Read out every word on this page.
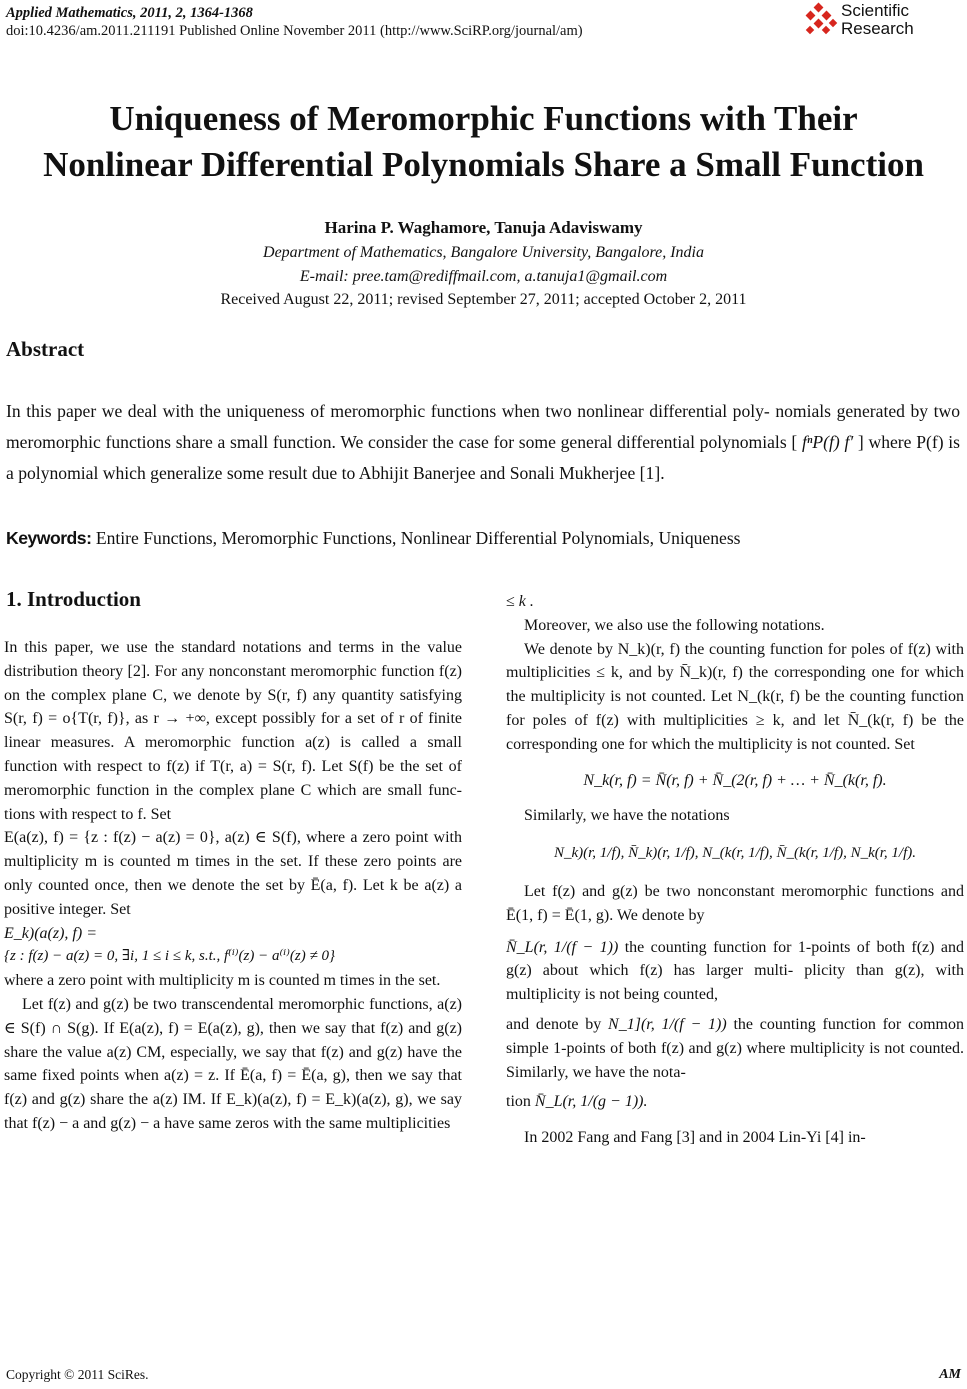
Applied Mathematics, 2011, 2, 1364-1368
doi:10.4236/am.2011.211191 Published Online November 2011 (http://www.SciRP.org/journal/am)
Scientific
Research
Uniqueness of Meromorphic Functions with Their
Nonlinear Differential Polynomials Share a Small Function
Harina P. Waghamore, Tanuja Adaviswamy
Department of Mathematics, Bangalore University, Bangalore, India
E-mail: pree.tam@rediffmail.com, a.tanuja1@gmail.com
Received August 22, 2011; revised September 27, 2011; accepted October 2, 2011
Abstract
In this paper we deal with the uniqueness of meromorphic functions when two nonlinear differential poly- nomials generated by two meromorphic functions share a small function. We consider the case for some general differential polynomials [ fⁿP(f) f′ ] where P(f) is a polynomial which generalize some result due to Abhijit Banerjee and Sonali Mukherjee [1].
Keywords: Entire Functions, Meromorphic Functions, Nonlinear Differential Polynomials, Uniqueness
1. Introduction

In this paper, we use the standard notations and terms in the value distribution theory [2]. For any nonconstant meromorphic function f(z) on the complex plane C, we denote by S(r, f) any quantity satisfying S(r, f) = o{T(r, f)}, as r → +∞, except possibly for a set of r of finite linear measures. A meromorphic function a(z) is called a small function with respect to f(z) if T(r, a) = S(r, f). Let S(f) be the set of meromorphic function in the complex plane C which are small func- tions with respect to f. Set

E(a(z), f) = {z : f(z) − a(z) = 0}, a(z) ∈ S(f), where a zero point with multiplicity m is counted m times in the set. If these zero points are only counted once, then we denote the set by Ē(a, f). Let k be a(z) a positive integer. Set

E_k)(a(z), f) =

{z : f(z) − a(z) = 0, ∃i, 1 ≤ i ≤ k, s.t., f⁽ⁱ⁾(z) − a⁽ⁱ⁾(z) ≠ 0}

where a zero point with multiplicity m is counted m times in the set.

Let f(z) and g(z) be two transcendental meromorphic functions, a(z) ∈ S(f) ∩ S(g). If E(a(z), f) = E(a(z), g), then we say that f(z) and g(z) share the value a(z) CM, especially, we say that f(z) and g(z) have the same fixed points when a(z) = z. If Ē(a, f) = Ē(a, g), then we say that f(z) and g(z) share the a(z) IM. If E_k)(a(z), f) = E_k)(a(z), g), we say that f(z) − a and g(z) − a have same zeros with the same multiplicities

≤ k .

Moreover, we also use the following notations.

We denote by N_k)(r, f) the counting function for poles of f(z) with multiplicities ≤ k, and by N̄_k)(r, f) the corresponding one for which the multiplicity is not counted. Let N_(k(r, f) be the counting function for poles of f(z) with multiplicities ≥ k, and let N̄_(k(r, f) be the corresponding one for which the multiplicity is not counted. Set

N_k(r, f) = N̄(r, f) + N̄_(2(r, f) + … + N̄_(k(r, f).

Similarly, we have the notations

N_k)(r, 1/f), N̄_k)(r, 1/f), N_(k(r, 1/f), N̄_(k(r, 1/f), N_k(r, 1/f).

Let f(z) and g(z) be two nonconstant meromorphic functions and Ē(1, f) = Ē(1, g). We denote by

N̄_L(r, 1/(f − 1)) the counting function for 1-points of both f(z) and g(z) about which f(z) has larger multi- plicity than g(z), with multiplicity is not being counted,

and denote by N_1](r, 1/(f − 1)) the counting function for common simple 1-points of both f(z) and g(z) where multiplicity is not counted. Similarly, we have the nota-

tion N̄_L(r, 1/(g − 1)).

In 2002 Fang and Fang [3] and in 2004 Lin-Yi [4] in-

Copyright © 2011 SciRes.	AM
